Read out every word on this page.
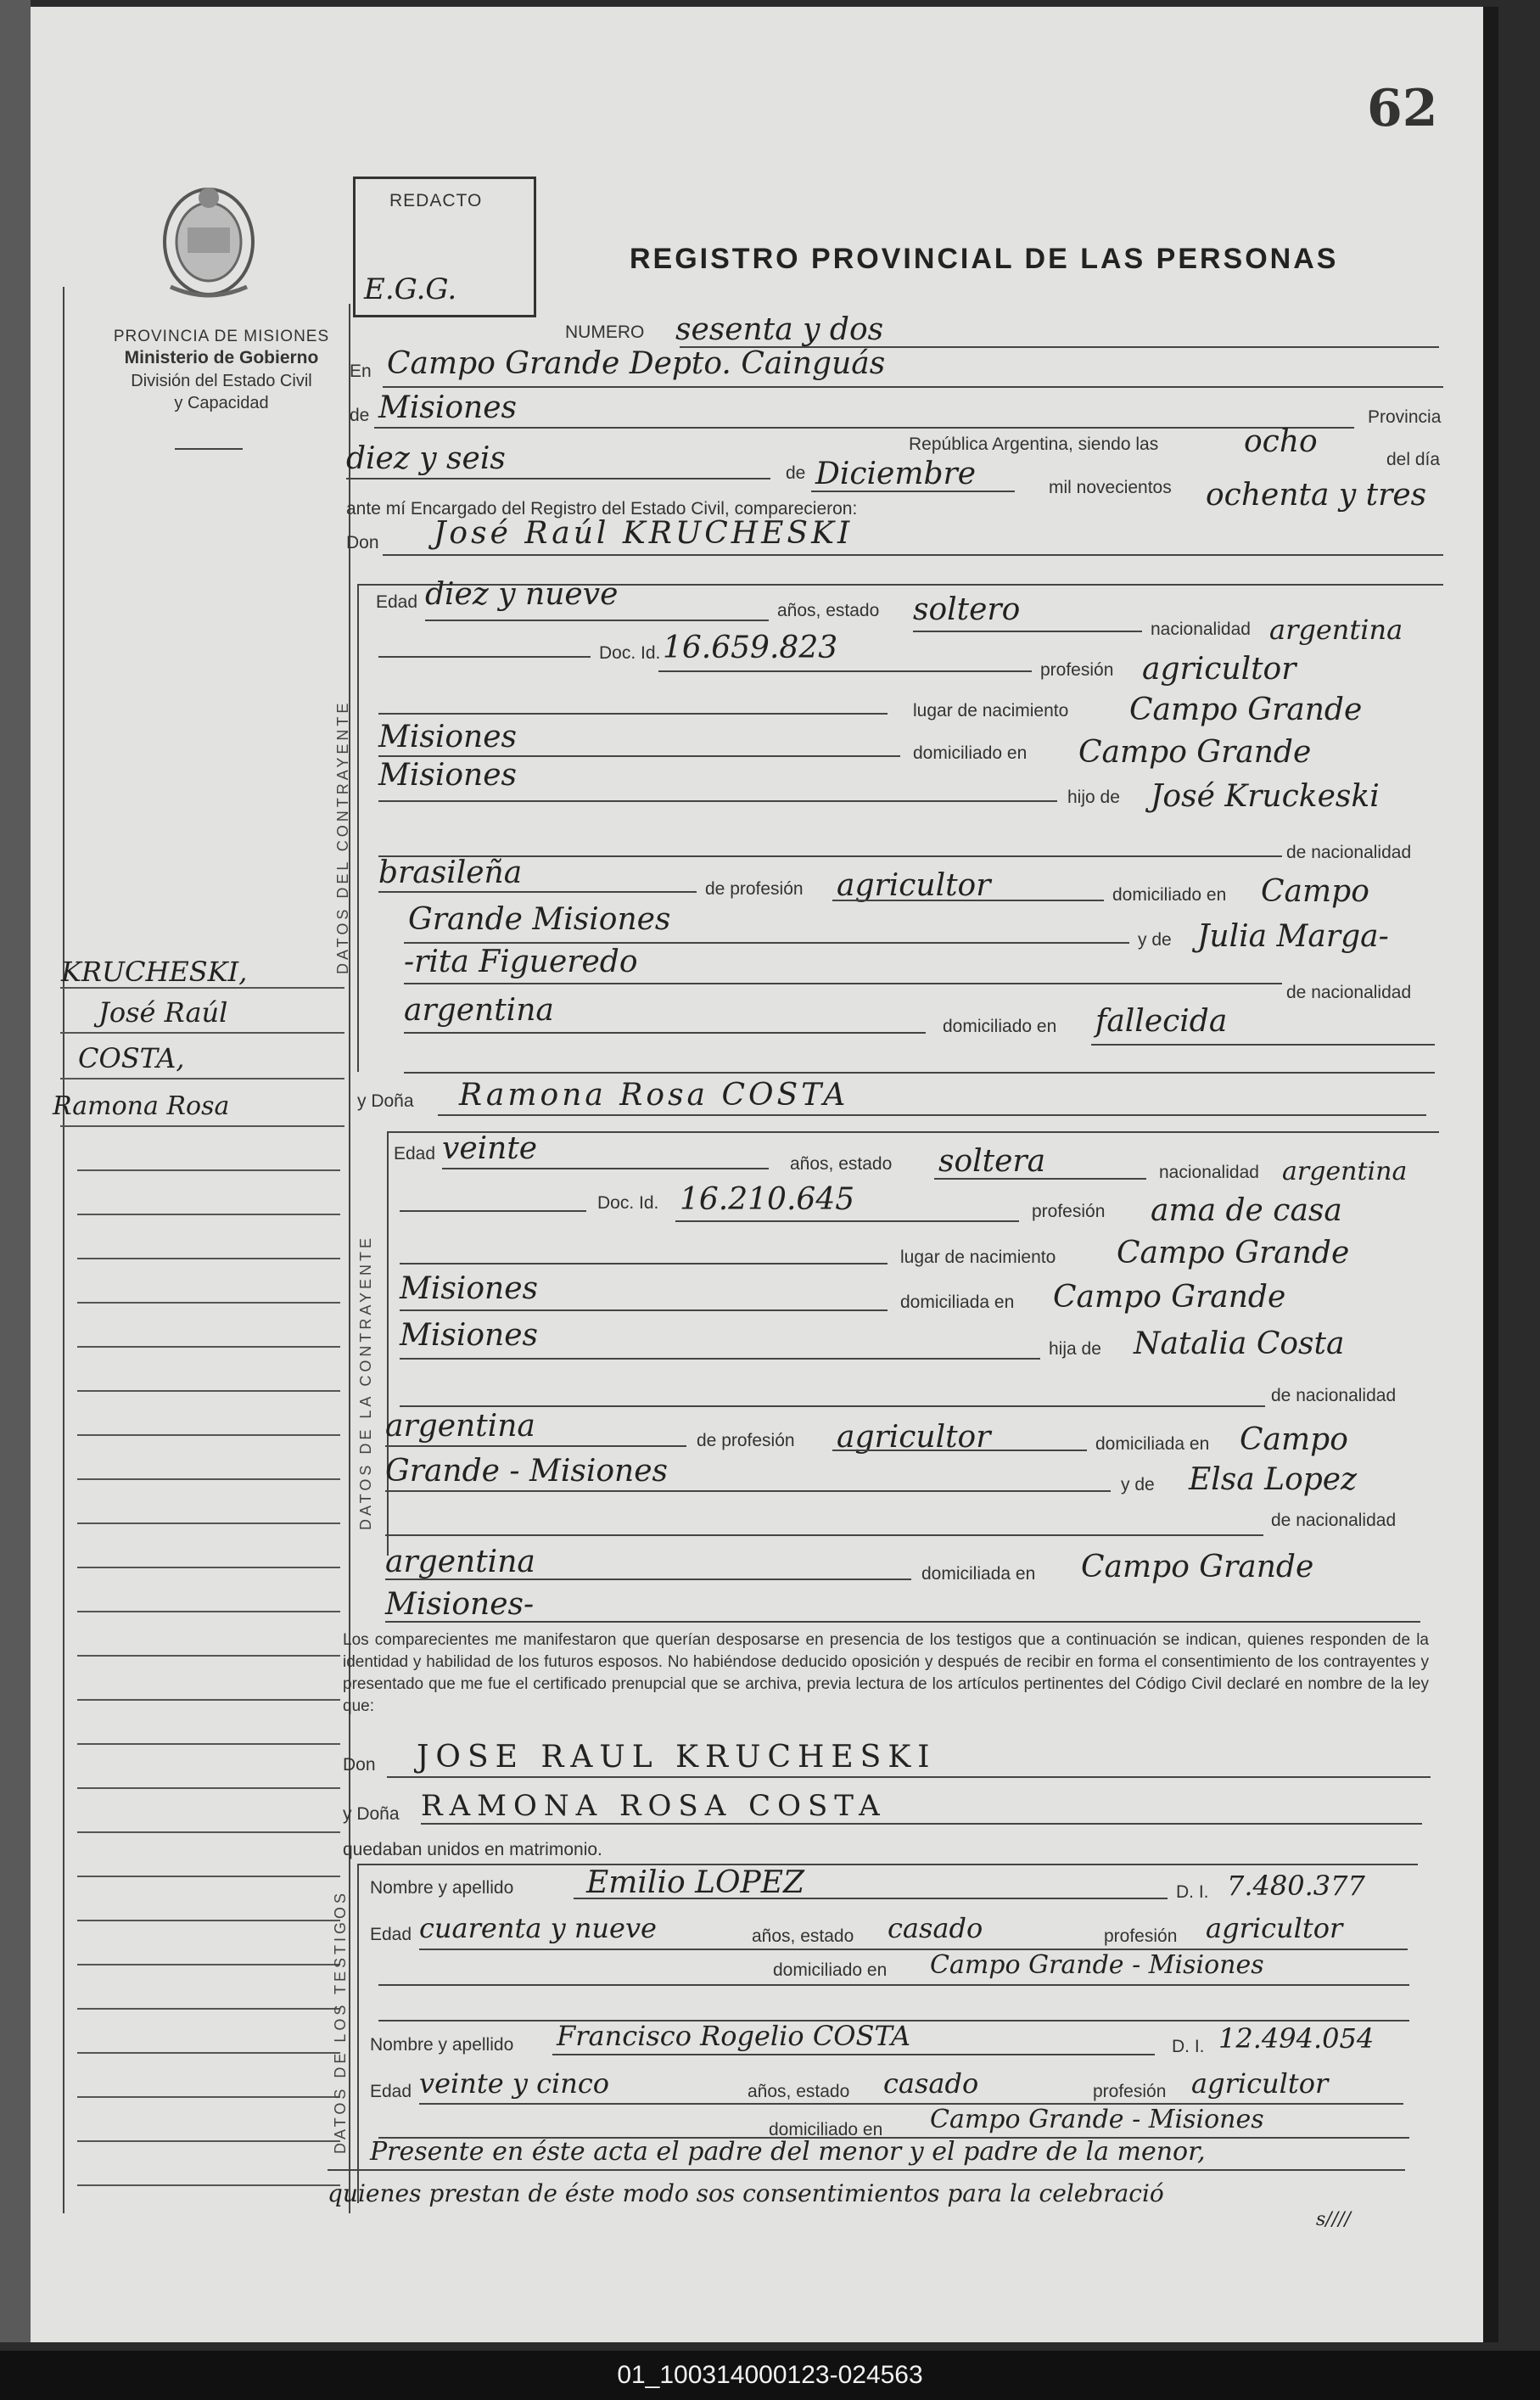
62
PROVINCIA DE MISIONES
Ministerio de Gobierno
División del Estado Civil
y Capacidad
REDACTO
E.G.G.
REGISTRO PROVINCIAL DE LAS PERSONAS
KRUCHESKI,
José Raúl
COSTA,
Ramona Rosa
NUMERO sesenta y dos
En Campo Grande Depto. Cainguás
de Misiones	Provincia
República Argentina, siendo las	ocho
del día
diez y seis	de Diciembre	mil novecientos ochenta y tres
ante mí Encargado del Registro del Estado Civil, comparecieron:
Don José Raúl KRUCHESKI
DATOS DEL CONTRAYENTE
Edad diez y nueve	años, estado soltero
nacionalidad argentina
Doc. Id. 16.659.823
profesión agricultor
lugar de nacimiento Campo Grande
Misiones	domiciliado en Campo Grande
Misiones
hijo de José Kruckeski
de nacionalidad
brasileña	de profesión agricultor	domiciliado en Campo
Grande Misiones
y de Julia Marga-
-rita Figueredo
de nacionalidad
argentina	domiciliado en fallecida
y Doña Ramona Rosa COSTA
DATOS DE LA CONTRAYENTE
Edad veinte	años, estado soltera	nacionalidad argentina
Doc. Id. 16.210.645	profesión ama de casa
lugar de nacimiento Campo Grande
Misiones	domiciliada en Campo Grande
Misiones	hija de Natalia Costa
de nacionalidad
argentina	de profesión agricultor	domiciliada en Campo
Grande - Misiones	y de Elsa Lopez
de nacionalidad
argentina	domiciliada en Campo Grande
Misiones-
Los comparecientes me manifestaron que querían desposarse en presencia de los testigos que a continuación se indican, quienes responden de la identidad y habilidad de los futuros esposos. No habiéndose deducido oposición y después de recibir en forma el consentimiento de los contrayentes y presentado que me fue el certificado prenupcial que se archiva, previa lectura de los artículos pertinentes del Código Civil declaré en nombre de la ley que:
Don JOSE RAUL KRUCHESKI
y Doña RAMONA ROSA COSTA
quedaban unidos en matrimonio.
DATOS DE LOS TESTIGOS
Nombre y apellido Emilio LOPEZ	D. I. 7.480.377
Edad cuarenta y nueve	años, estado casado	profesión agricultor
domiciliado en Campo Grande - Misiones
Nombre y apellido Francisco Rogelio COSTA	D. I. 12.494.054
Edad veinte y cinco	años, estado casado	profesión agricultor
domiciliado en Campo Grande - Misiones
Presente en éste acta el padre del menor y el padre de la menor,
quienes prestan de éste modo sos consentimientos para la celebració
s////
01_100314000123-024563
